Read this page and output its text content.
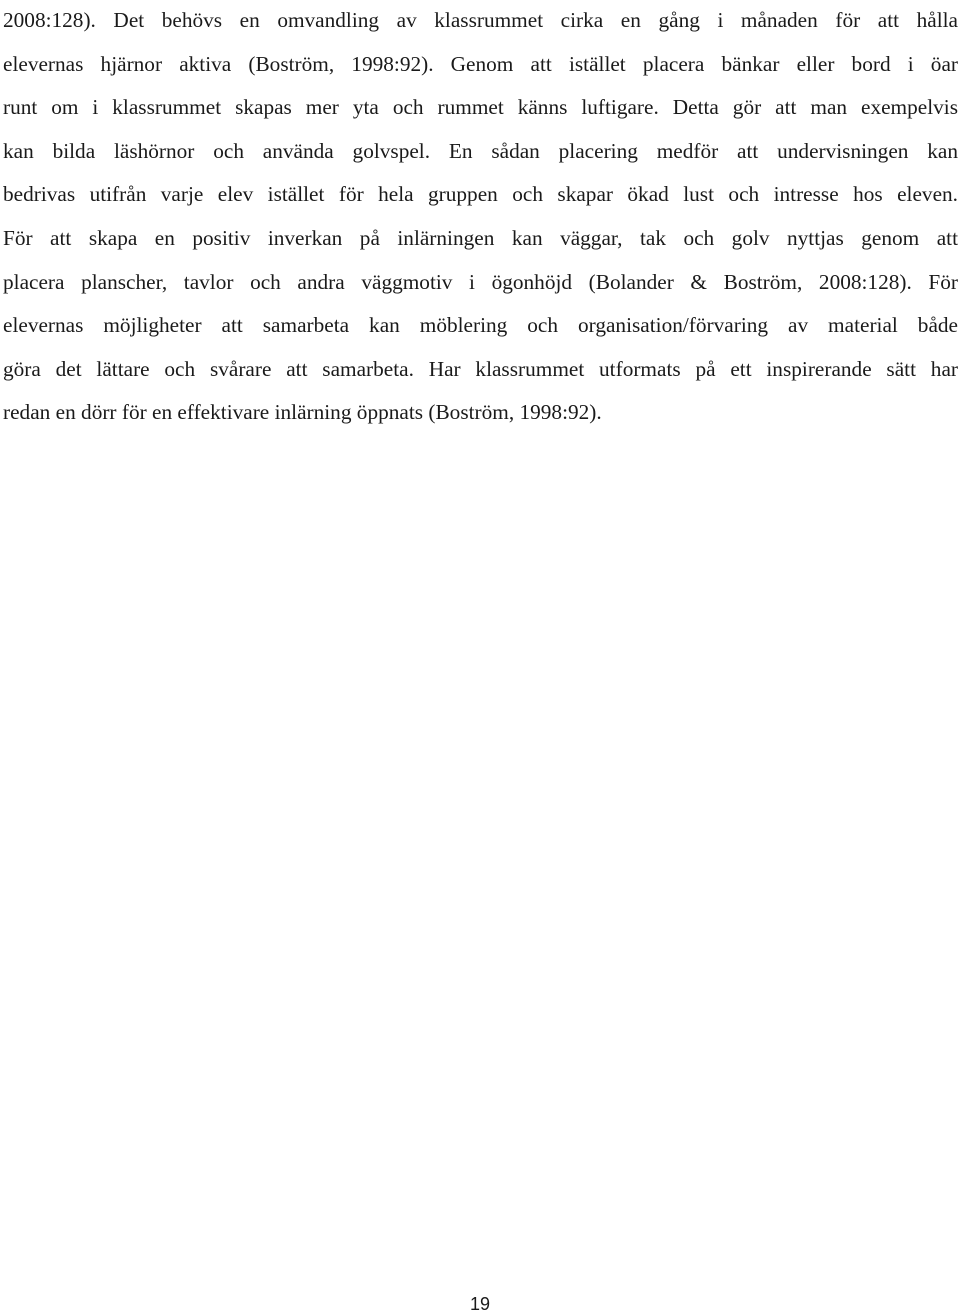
2008:128). Det behövs en omvandling av klassrummet cirka en gång i månaden för att hålla
elevernas hjärnor aktiva (Boström, 1998:92). Genom att istället placera bänkar eller bord i öar
runt om i klassrummet skapas mer yta och rummet känns luftigare. Detta gör att man exempelvis
kan bilda läshörnor och använda golvspel. En sådan placering medför att undervisningen kan
bedrivas utifrån varje elev istället för hela gruppen och skapar ökad lust och intresse hos eleven.
För att skapa en positiv inverkan på inlärningen kan väggar, tak och golv nyttjas genom att
placera planscher, tavlor och andra väggmotiv i ögonhöjd (Bolander & Boström, 2008:128). För
elevernas möjligheter att samarbeta kan möblering och organisation/förvaring av material både
göra det lättare och svårare att samarbeta. Har klassrummet utformats på ett inspirerande sätt har
redan en dörr för en effektivare inlärning öppnats (Boström, 1998:92).
19
